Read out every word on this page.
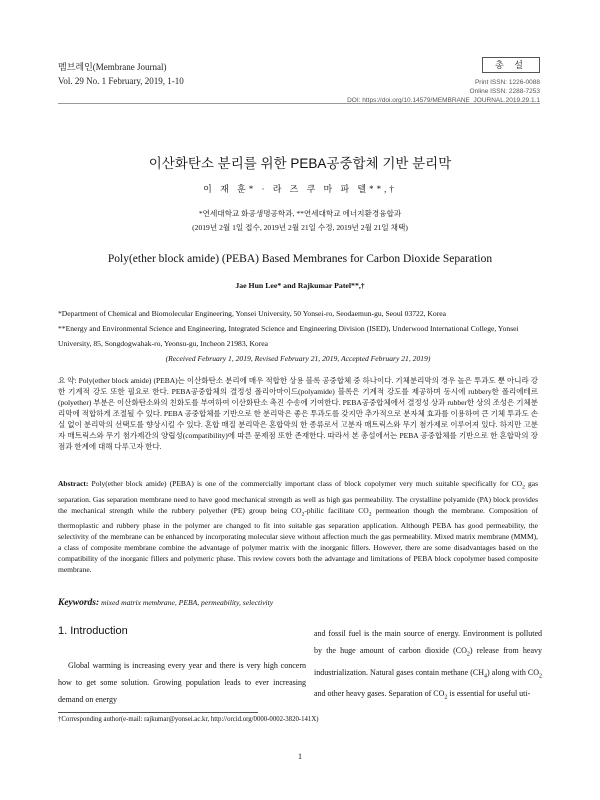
멤브레인(Membrane Journal)
Vol. 29 No. 1 February, 2019, 1-10
총 설
Print ISSN: 1226-0088
Online ISSN: 2288-7253
DOI: https://doi.org/10.14579/MEMBRANE_JOURNAL.2019.29.1.1
이산화탄소 분리를 위한 PEBA공중합체 기반 분리막
이 재 훈* · 라 즈 쿠 마 파 텔**,†
*연세대학교 화공생명공학과, **연세대학교 에너지환경융합과
(2019년 2월 1일 접수, 2019년 2월 21일 수정, 2019년 2월 21일 채택)
Poly(ether block amide) (PEBA) Based Membranes for Carbon Dioxide Separation
Jae Hun Lee* and Rajkumar Patel**,†
*Department of Chemical and Biomolecular Engineering, Yonsei University, 50 Yonsei-ro, Seodaemun-gu, Seoul 03722, Korea
**Energy and Environmental Science and Engineering, Integrated Science and Engineering Division (ISED), Underwood International College, Yonsei University, 85, Songdogwahak-ro, Yeonsu-gu, Incheon 21983, Korea
(Received February 1, 2019, Revised February 21, 2019, Accepted February 21, 2019)
요 약: Poly(ether block amide) (PEBA)는 이산화탄소 분리에 매우 적합한 상용 블록 공중합체 중 하나이다. 기체분리막의 경우 높은 투과도 뿐 아니라 강한 기계적 강도 또한 필요로 한다. PEBA공중합체의 결정성 폴리아마이드(polyamide) 블록은 기계적 강도를 제공하며 동시에 rubbery한 폴리에테르(polyether) 부분은 이산화탄소와의 친화도를 부여하여 이산화탄소 촉진 수송에 기여한다. PEBA공중합체에서 결정성 상과 rubber한 상의 조성은 기체분리막에 적합하게 조절될 수 있다. PEBA 공중합체를 기반으로 한 분리막은 좋은 투과도를 갖지만 추가적으로 분자체 효과를 이용하여 큰 기체 투과도 손실 없이 분리막의 선택도를 향상시킬 수 있다. 혼합 매질 분리막은 혼합막의 한 종류로서 고분자 매트릭스와 무기 첨가제로 이루어져 있다. 하지만 고분자 매트릭스와 무기 첨가제간의 양립성(compatibility)에 따른 문제점 또한 존재한다. 따라서 본 총설에서는 PEBA 공중합체를 기반으로 한 혼합막의 장점과 한계에 대해 다루고자 한다.
Abstract: Poly(ether block amide) (PEBA) is one of the commercially important class of block copolymer very much suitable specifically for $CO_2$ gas separation. Gas separation membrane need to have good mechanical strength as well as high gas permeability. The crystalline polyamide (PA) block provides the mechanical strength while the rubbery polyether (PE) group being $CO_2$-philic facilitate $CO_2$ permeation though the membrane. Composition of thermoplastic and rubbery phase in the polymer are changed to fit into suitable gas separation application. Although PEBA has good permeability, the selectivity of the membrane can be enhanced by incorporating molecular sieve without affection much the gas permeability. Mixed matrix membrane (MMM), a class of composite membrane combine the advantage of polymer matrix with the inorganic fillers. However, there are some disadvantages based on the compatibility of the inorganic fillers and polymeric phase. This review covers both the advantage and limitations of PEBA block copolymer based composite membrane.
Keywords: mixed matrix membrane, PEBA, permeability, selectivity
1. Introduction
Global warming is increasing every year and there is very high concern how to get some solution. Growing population leads to ever increasing demand on energy
and fossil fuel is the main source of energy. Environment is polluted by the huge amount of carbon dioxide $(CO_2)$ release from heavy industrialization. Natural gases contain methane $(CH_4)$ along with $CO_2$ and other heavy gases. Separation of $CO_2$ is essential for useful uti-
†Corresponding author(e-mail: rajkumar@yonsei.ac.kr, http://orcid.org/0000-0002-3820-141X)
1
